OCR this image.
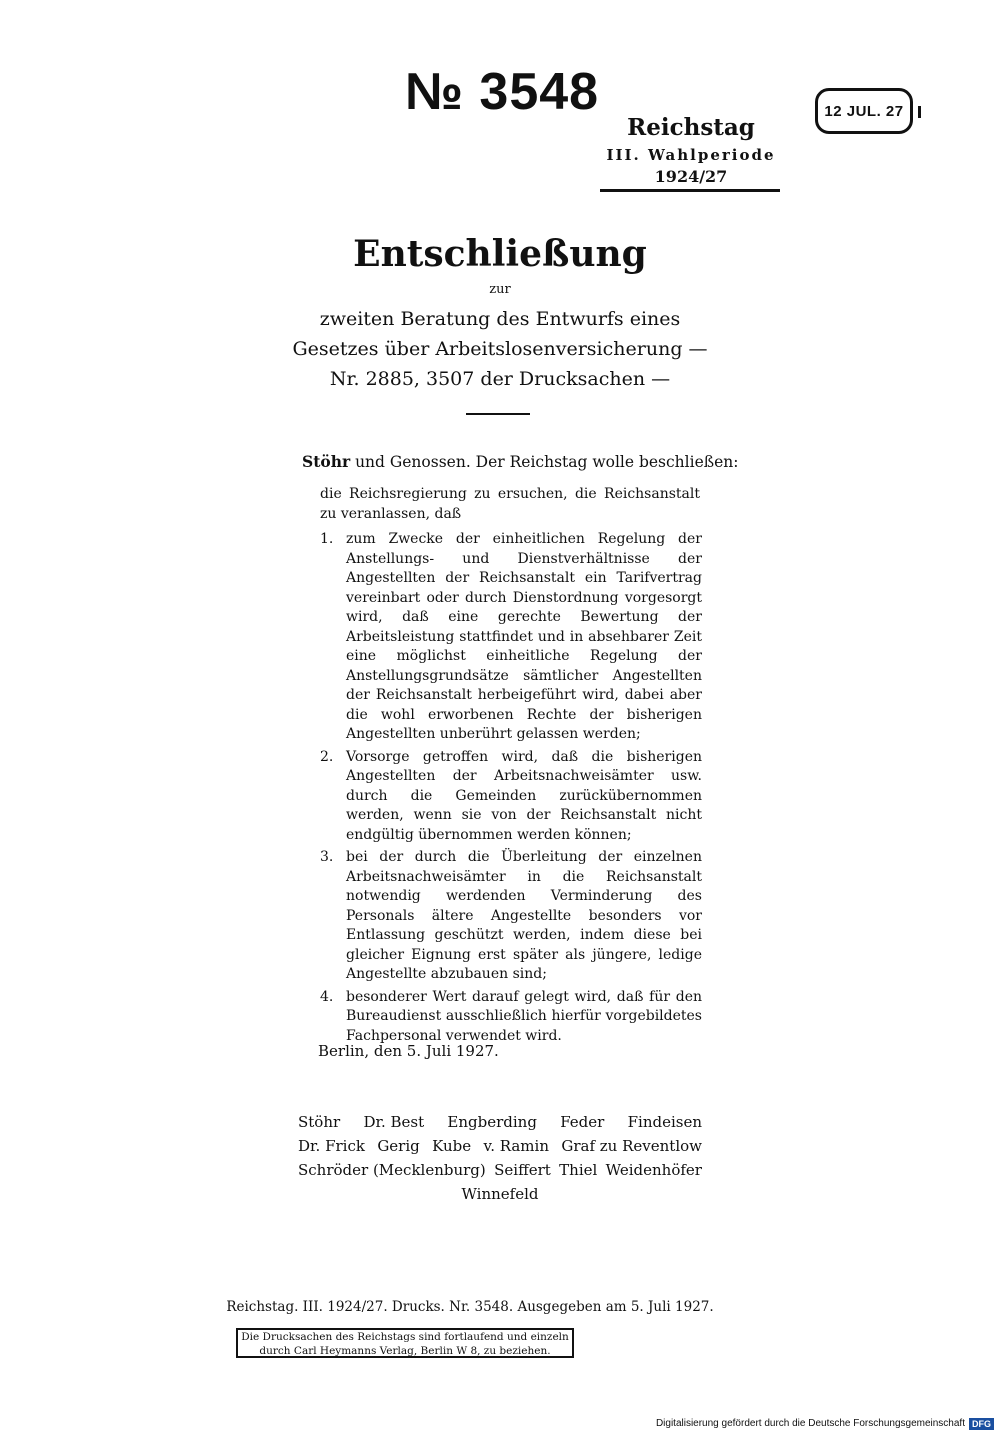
№ 3548	12 JUL. 27
Reichstag
III. Wahlperiode
1924/27
Entschließung
zur
zweiten Beratung des Entwurfs eines
Gesetzes über Arbeitslosenversicherung —
Nr. 2885, 3507 der Drucksachen —
Stöhr und Genossen. Der Reichstag wolle beschließen:
die Reichsregierung zu ersuchen, die Reichsanstalt zu veranlassen, daß
1. zum Zwecke der einheitlichen Regelung der Anstellungs- und Dienstverhältnisse der Angestellten der Reichsanstalt ein Tarifvertrag vereinbart oder durch Dienstordnung vorgesorgt wird, daß eine gerechte Bewertung der Arbeitsleistung stattfindet und in absehbarer Zeit eine möglichst einheitliche Regelung der Anstellungsgrundsätze sämtlicher Angestellten der Reichsanstalt herbeigeführt wird, dabei aber die wohl erworbenen Rechte der bisherigen Angestellten unberührt gelassen werden;
2. Vorsorge getroffen wird, daß die bisherigen Angestellten der Arbeitsnachweisämter usw. durch die Gemeinden zurückübernommen werden, wenn sie von der Reichsanstalt nicht endgültig übernommen werden können;
3. bei der durch die Überleitung der einzelnen Arbeitsnachweisämter in die Reichsanstalt notwendig werdenden Verminderung des Personals ältere Angestellte besonders vor Entlassung geschützt werden, indem diese bei gleicher Eignung erst später als jüngere, ledige Angestellte abzubauen sind;
4. besonderer Wert darauf gelegt wird, daß für den Bureaudienst ausschließlich hierfür vorgebildetes Fachpersonal verwendet wird.
Berlin, den 5. Juli 1927.
Stöhr Dr. Best Engberding Feder Findeisen
Dr. Frick Gerig Kube v. Ramin Graf zu Reventlow
Schröder (Mecklenburg) Seiffert Thiel Weidenhöfer
Winnefeld
Reichstag. III. 1924/27. Drucks. Nr. 3548. Ausgegeben am 5. Juli 1927.
Die Drucksachen des Reichstags sind fortlaufend und einzeln
durch Carl Heymanns Verlag, Berlin W 8, zu beziehen.
Digitalisierung gefördert durch die Deutsche Forschungsgemeinschaft DFG
